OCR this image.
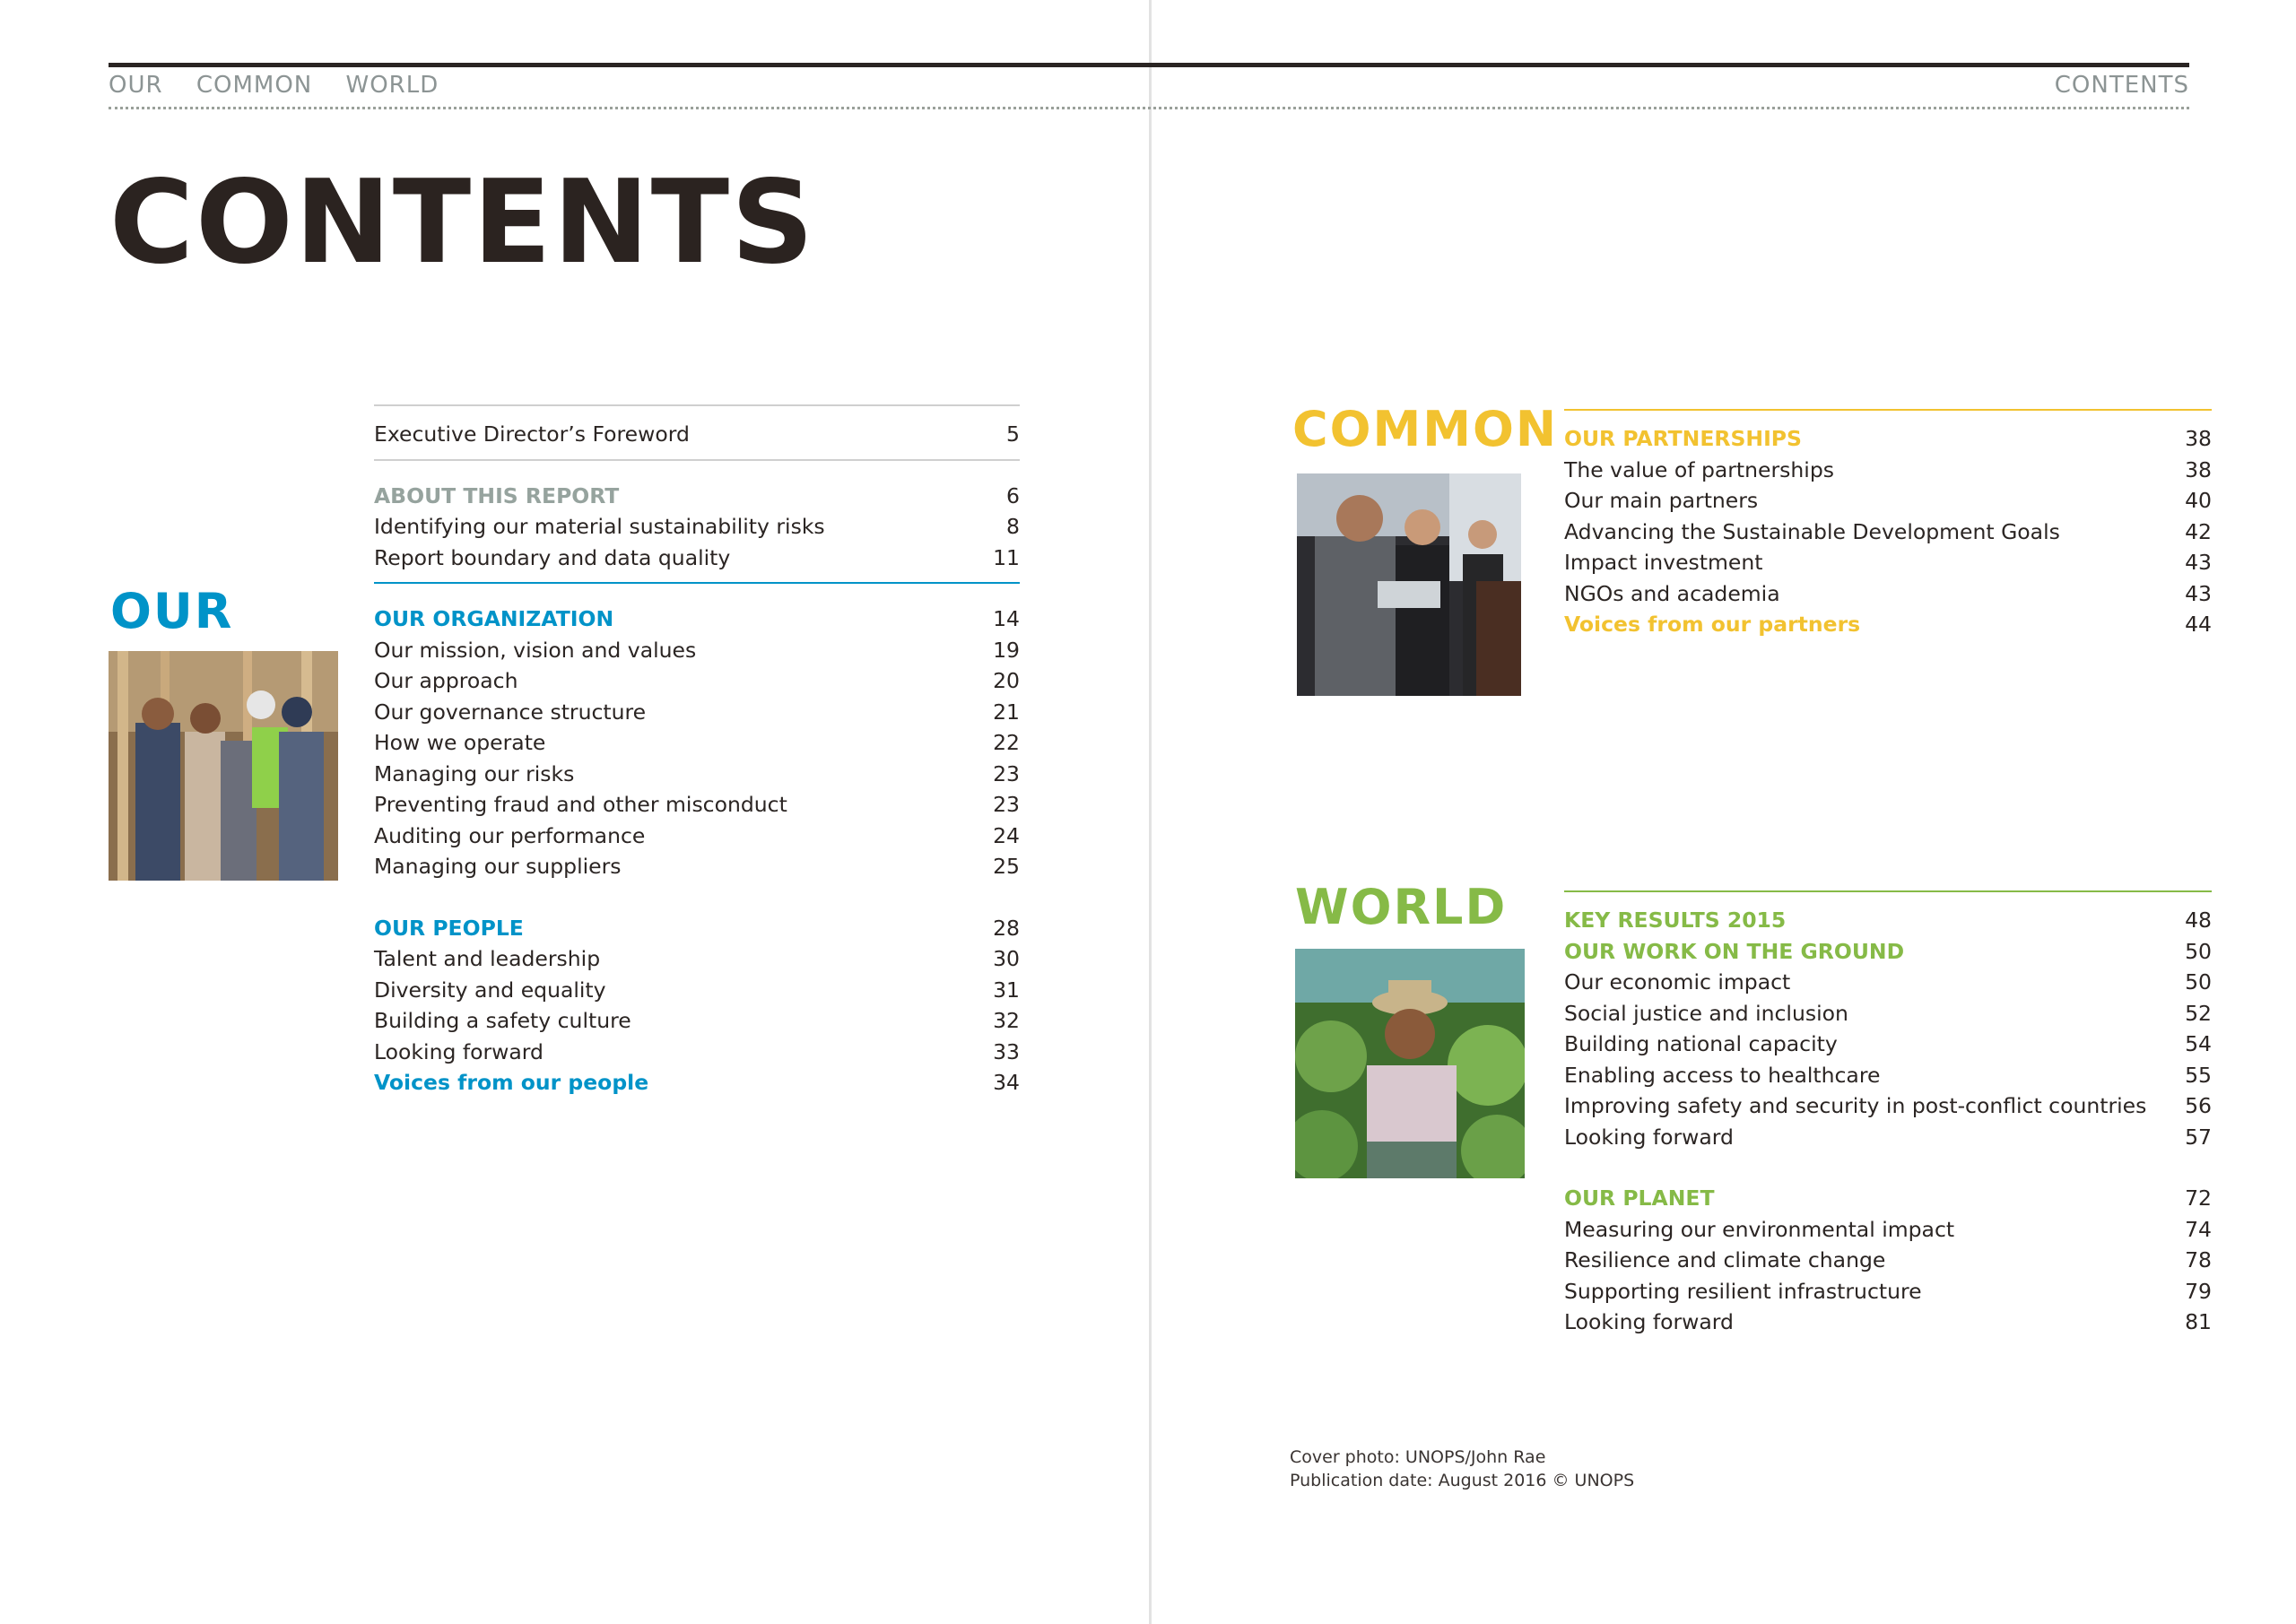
OUR COMMON WORLD	CONTENTS
CONTENTS
OUR
Executive Director’s Foreword	5
ABOUT THIS REPORT	6
Identifying our material sustainability risks	8
Report boundary and data quality	11
OUR ORGANIZATION	14
Our mission, vision and values	19
Our approach	20
Our governance structure	21
How we operate	22
Managing our risks	23
Preventing fraud and other misconduct	23
Auditing our performance	24
Managing our suppliers	25
OUR PEOPLE	28
Talent and leadership	30
Diversity and equality	31
Building a safety culture	32
Looking forward	33
Voices from our people	34
COMMON OUR PARTNERSHIPS	38
The value of partnerships	38
Our main partners	40
Advancing the Sustainable Development Goals	42
Impact investment	43
NGOs and academia	43
Voices from our partners	44
WORLD	KEY RESULTS 2015	48
OUR WORK ON THE GROUND	50
Our economic impact	50
Social justice and inclusion	52
Building national capacity	54
Enabling access to healthcare	55
Improving safety and security in post-conflict countries 56
Looking forward	57
OUR PLANET	72
Measuring our environmental impact	74
Resilience and climate change	78
Supporting resilient infrastructure	79
Looking forward	81
Cover photo: UNOPS/John Rae
Publication date: August 2016 © UNOPS
